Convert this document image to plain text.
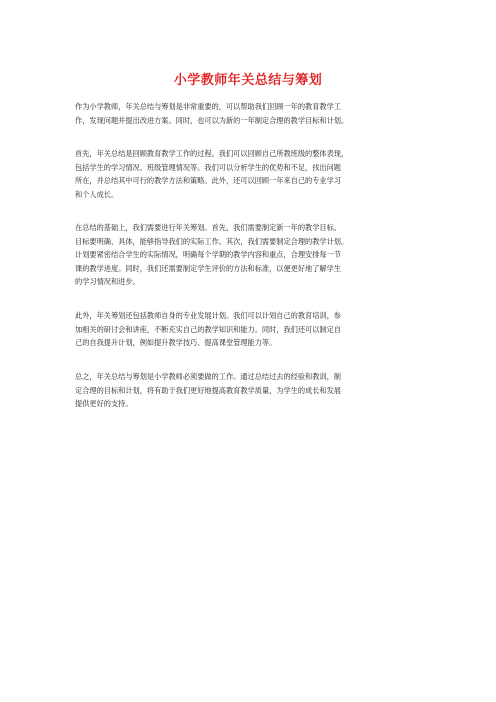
小学教师年关总结与筹划
作为小学教师，年关总结与筹划是非常重要的，可以帮助我们回顾一年的教育教学工
作，发现问题并提出改进方案。同时，也可以为新的一年制定合理的教学目标和计划。
首先，年关总结是回顾教育教学工作的过程。我们可以回顾自己所教班级的整体表现，
包括学生的学习情况、班级管理情况等。我们可以分析学生的优势和不足，找出问题
所在，并总结其中可行的教学方法和策略。此外，还可以回顾一年来自己的专业学习
和个人成长。
在总结的基础上，我们需要进行年关筹划。首先，我们需要制定新一年的教学目标。
目标要明确、具体，能够指导我们的实际工作。其次，我们需要制定合理的教学计划。
计划要紧密结合学生的实际情况，明确每个学期的教学内容和重点，合理安排每一节
课的教学进度。同时，我们还需要制定学生评价的方法和标准，以便更好地了解学生
的学习情况和进步。
此外，年关筹划还包括教师自身的专业发展计划。我们可以计划自己的教育培训，参
加相关的研讨会和讲座，不断充实自己的教学知识和能力。同时，我们还可以制定自
己的自我提升计划，例如提升教学技巧、提高课堂管理能力等。
总之，年关总结与筹划是小学教师必须要做的工作。通过总结过去的经验和教训，制
定合理的目标和计划，将有助于我们更好地提高教育教学质量，为学生的成长和发展
提供更好的支持。
